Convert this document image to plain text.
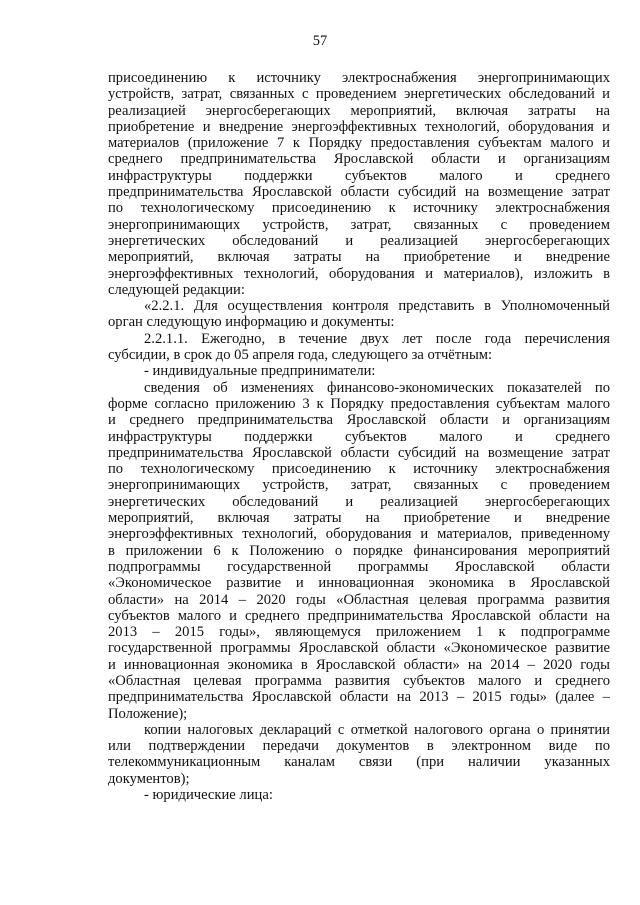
57
присоединению к источнику электроснабжения энергопринимающих
устройств, затрат, связанных с проведением энергетических обследований и
реализацией энергосберегающих мероприятий, включая затраты на
приобретение и внедрение энергоэффективных технологий, оборудования и
материалов (приложение 7 к Порядку предоставления субъектам малого и
среднего предпринимательства Ярославской области и организациям
инфраструктуры поддержки субъектов малого и среднего
предпринимательства Ярославской области субсидий на возмещение затрат
по технологическому присоединению к источнику электроснабжения
энергопринимающих устройств, затрат, связанных с проведением
энергетических обследований и реализацией энергосберегающих
мероприятий, включая затраты на приобретение и внедрение
энергоэффективных технологий, оборудования и материалов), изложить в
следующей редакции:
«2.2.1. Для осуществления контроля представить в Уполномоченный
орган следующую информацию и документы:
2.2.1.1. Ежегодно, в течение двух лет после года перечисления
субсидии, в срок до 05 апреля года, следующего за отчётным:
- индивидуальные предприниматели:
сведения об изменениях финансово-экономических показателей по
форме согласно приложению 3 к Порядку предоставления субъектам малого
и среднего предпринимательства Ярославской области и организациям
инфраструктуры поддержки субъектов малого и среднего
предпринимательства Ярославской области субсидий на возмещение затрат
по технологическому присоединению к источнику электроснабжения
энергопринимающих устройств, затрат, связанных с проведением
энергетических обследований и реализацией энергосберегающих
мероприятий, включая затраты на приобретение и внедрение
энергоэффективных технологий, оборудования и материалов, приведенному
в приложении 6 к Положению о порядке финансирования мероприятий
подпрограммы государственной программы Ярославской области
«Экономическое развитие и инновационная экономика в Ярославской
области» на 2014 – 2020 годы «Областная целевая программа развития
субъектов малого и среднего предпринимательства Ярославской области на
2013 – 2015 годы», являющемуся приложением 1 к подпрограмме
государственной программы Ярославской области «Экономическое развитие
и инновационная экономика в Ярославской области» на 2014 – 2020 годы
«Областная целевая программа развития субъектов малого и среднего
предпринимательства Ярославской области на 2013 – 2015 годы» (далее –
Положение);
копии налоговых деклараций с отметкой налогового органа о принятии
или подтверждении передачи документов в электронном виде по
телекоммуникационным каналам связи (при наличии указанных
документов);
- юридические лица:
